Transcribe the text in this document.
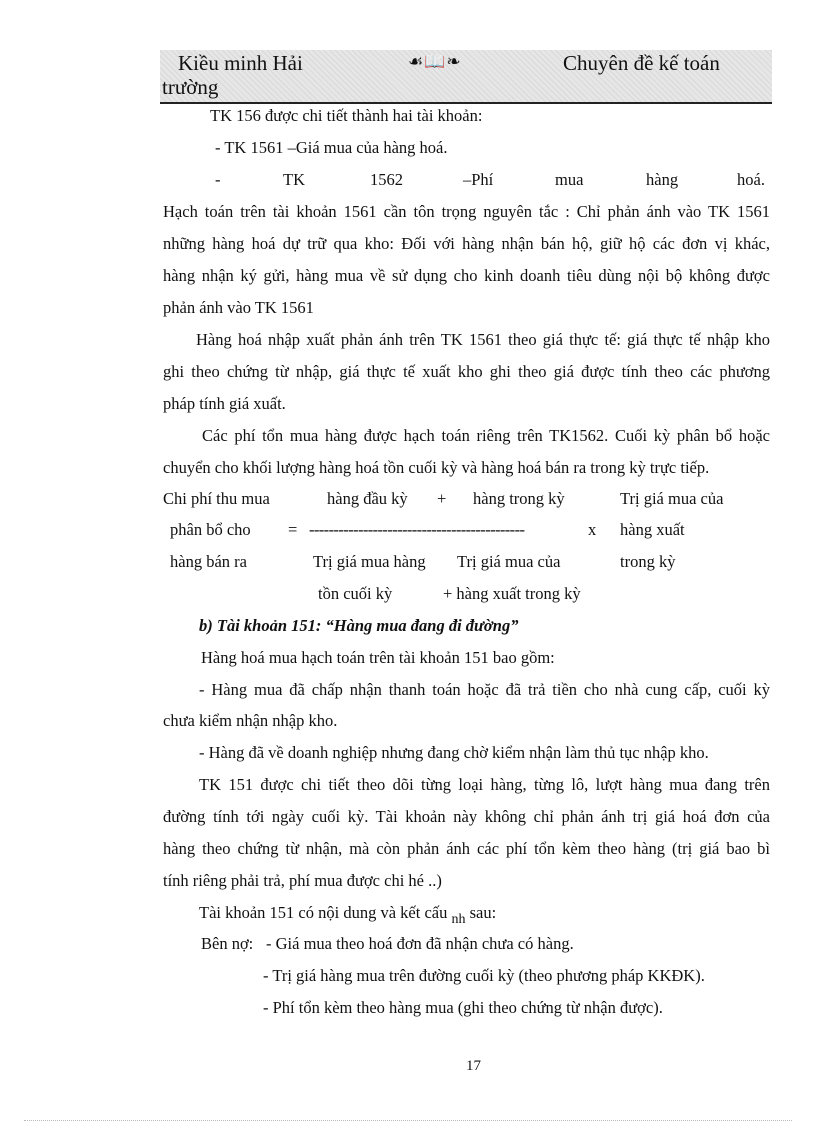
Kiều minh Hải
trường
☙📖❧	Chuyên đề kế toán
TK 156 được chi tiết thành hai tài khoản:
- TK 1561 –Giá mua của hàng hoá.
-	TK	1562	–Phí	mua	hàng	hoá.
Hạch toán trên tài khoản 1561 cần tôn trọng nguyên tắc : Chỉ phản ánh vào TK 1561
những hàng hoá dự trữ qua kho: Đối với hàng nhận bán hộ, giữ hộ các đơn vị khác,
hàng nhận ký gửi, hàng mua về sử dụng cho kinh doanh tiêu dùng nội bộ không được
phản ánh vào TK 1561
Hàng hoá nhập xuất phản ánh trên TK 1561 theo giá thực tế: giá thực tế nhập kho
ghi theo chứng từ nhập, giá thực tế xuất kho ghi theo giá được tính theo các phương
pháp tính giá xuất.
Các phí tổn mua hàng được hạch toán riêng trên TK1562. Cuối kỳ phân bổ hoặc
chuyển cho khối lượng hàng hoá tồn cuối kỳ và hàng hoá bán ra trong kỳ trực tiếp.
Chi phí thu mua
phân bổ cho
hàng bán ra
=
hàng đầu kỳ + hàng trong kỳ
--------------------------------------------
Trị giá mua hàng Trị giá mua của
tồn cuối kỳ	+ hàng xuất trong kỳ
x
Trị giá mua của
hàng xuất
trong kỳ
b) Tài khoản 151: “Hàng mua đang đi đường”
Hàng hoá mua hạch toán trên tài khoản 151 bao gồm:
- Hàng mua đã chấp nhận thanh toán hoặc đã trả tiền cho nhà cung cấp, cuối kỳ
chưa kiểm nhận nhập kho.
- Hàng đã về doanh nghiệp nhưng đang chờ kiểm nhận làm thủ tục nhập kho.
TK 151 được chi tiết theo dõi từng loại hàng, từng lô, lượt hàng mua đang trên
đường tính tới ngày cuối kỳ. Tài khoản này không chỉ phản ánh trị giá hoá đơn của
hàng theo chứng từ nhận, mà còn phản ánh các phí tổn kèm theo hàng (trị giá bao bì
tính riêng phải trả, phí mua được chi hé ..)
Tài khoản 151 có nội dung và kết cấu $_{nh}$ sau:
Bên nợ: - Giá mua theo hoá đơn đã nhận chưa có hàng.
- Trị giá hàng mua trên đường cuối kỳ (theo phương pháp KKĐK).
- Phí tổn kèm theo hàng mua (ghi theo chứng từ nhận được).
17
